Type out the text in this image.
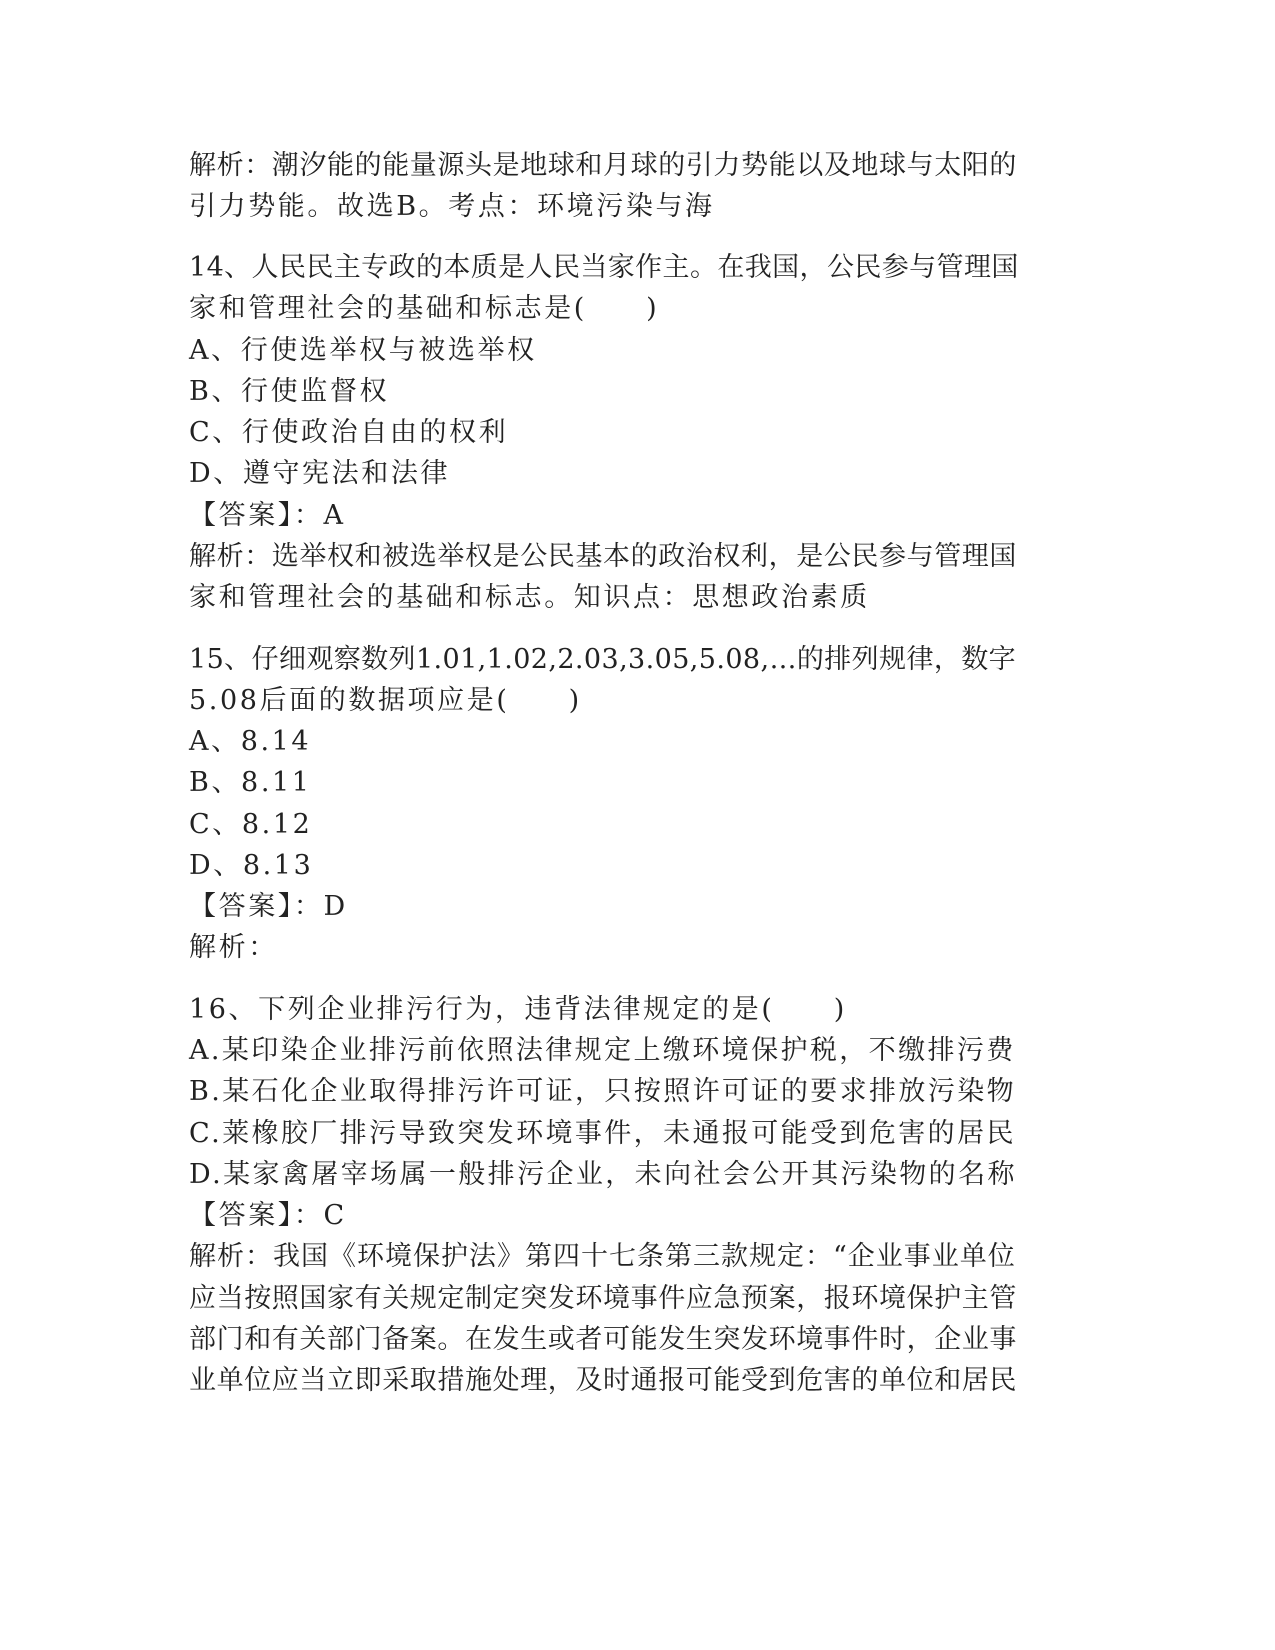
解析：潮汐能的能量源头是地球和月球的引力势能以及地球与太阳的
引力势能。故选B。考点：环境污染与海
14、人民民主专政的本质是人民当家作主。在我国，公民参与管理国
家和管理社会的基础和标志是(　　)
A、行使选举权与被选举权
B、行使监督权
C、行使政治自由的权利
D、遵守宪法和法律
【答案】：A
解析：选举权和被选举权是公民基本的政治权利，是公民参与管理国
家和管理社会的基础和标志。知识点：思想政治素质
15、仔细观察数列1.01,1.02,2.03,3.05,5.08,…的排列规律，数字
5.08后面的数据项应是(　　)
A、8.14
B、8.11
C、8.12
D、8.13
【答案】：D
解析：
16、下列企业排污行为，违背法律规定的是(　　)
A.某印染企业排污前依照法律规定上缴环境保护税，不缴排污费
B.某石化企业取得排污许可证，只按照许可证的要求排放污染物
C.莱橡胶厂排污导致突发环境事件，未通报可能受到危害的居民
D.某家禽屠宰场属一般排污企业，未向社会公开其污染物的名称
【答案】：C
解析：我国《环境保护法》第四十七条第三款规定：“企业事业单位
应当按照国家有关规定制定突发环境事件应急预案，报环境保护主管
部门和有关部门备案。在发生或者可能发生突发环境事件时，企业事
业单位应当立即采取措施处理，及时通报可能受到危害的单位和居民
